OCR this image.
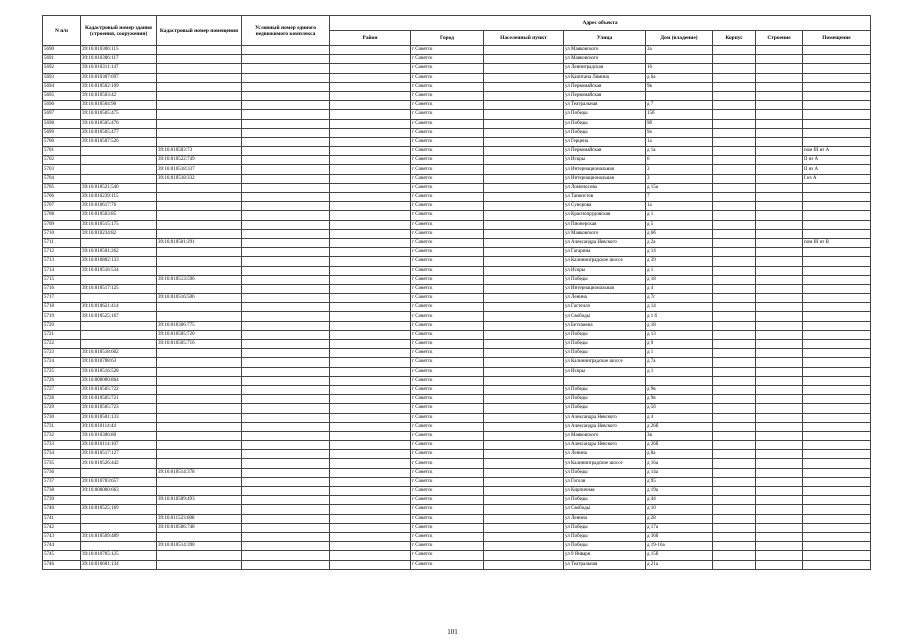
N п/п	Кадастровый номер здания (строения, сооружения)	Кадастровый номер помещения	Условный номер единого недвижимого комплекса	Адрес объекта							
				Район	Город	Населенный пункт	Улица	Дом (владение)	Корпус	Строение	Помещение
5690	39:16:010306:115				г Советск		ул Маяковского	3а			
5691	39:16:010306:117				г Советск		ул Маяковского				
5692	39:16:010311:147				г Советск		ул Ленинградская	16			
5693	39:16:010307:697				г Советск		ул Капитана Лямина	д 6а			
5694	39:16:010502:109				г Советск		ул Первомайская	9в			
5695	39:16:010503:42				г Советск		ул Первомайская				
5696	39:16:010504:90				г Советск		ул Театральная	д 7			
5697	39:16:010505:475				г Советск		ул Победы	15б			
5698	39:16:010505:476				г Советск		ул Победы	9б			
5699	39:16:010505:477				г Советск		ул Победы	9а			
5700	39:16:010507:526				г Советск		ул Герцена	1а			
5701		39:16:010503:73			г Советск		ул Первомайская	д 1а			пом III из А
5702		39:16:010522:749			г Советск		ул Искры	6			II из А
5703		39:16:010518:337			г Советск		ул Интернациональная	3			II из А
5704		39:16:010518:332			г Советск		ул Интернациональная	3			I из А
5705	39:16:010521:540				г Советск		ул Ломоносова	д 15а			
5706	39:16:010239:115				г Советск		ул Танкистов	7			
5707	39:16:010617:76				г Советск		ул Суворова	1а			
5708	39:16:010503:85				г Советск		ул Краснопрудовская	д 1			
5709	39:16:010515:175				г Советск		ул Пионерская	д 5			
5710	39:16:010234:82				г Советск		ул Маяковского	д 6б			
5711		39:16:010501:291			г Советск		ул Александра Невского	д 2а			пом III из В
5712	39:16:010501:262				г Советск		ул Гагарина	д 14			
5713	39:16:010802:133				г Советск		ул Калининградское шоссе	д 39			
5714	39:16:010516:534				г Советск		ул Искры	д 1			
5715		39:16:010513:596			г Советск		ул Победы	д 18			
5716	39:16:010517:125				г Советск		ул Интернациональная	д 4			
5717		39:16:010516:506			г Советск		ул Ленина	д 7г			
5718	39:16:010621:414				г Советск		ул Гастелло	д 14			
5719	39:16:010525:167				г Советск		ул Свободы	д 1 б			
5720		39:16:010306:775			г Советск		ул Бетховена	д 18			
5721		39:16:010505:720			г Советск		ул Победы	д 13			
5722		39:16:010505:716			г Советск		ул Победы	д 9			
5723	39:16:010518:602				г Советск		ул Победы	д 1			
5724	39:16:010708:63				г Советск		ул Калининградское шоссе	д 7а			
5725	39:16:010516:528				г Советск		ул Искры	д 1			
5726	39:16:000000:864				г Советск						
5727	39:16:010505:722				г Советск		ул Победы	д 9в			
5728	39:16:010505:721				г Советск		ул Победы	д 9в			
5729	39:16:010505:723				г Советск		ул Победы	д 5б			
5730	39:16:010501:133				г Советск		ул Александра Невского	д 4			
5731	39:16:010114:44				г Советск		ул Александра Невского	д 26б			
5732	39:16:010306:80				г Советск		ул Маяковского	3в			
5733	39:16:010114:107				г Советск		ул Александра Невского	д 26б			
5734	39:16:010517:127				г Советск		ул Ленина	д 8а			
5735	39:16:010526:442				г Советск		ул Калининградское шоссе	д 16а			
5736		39:16:010514:378			г Советск		ул Победы	д 14а			
5737	39:16:010703:657				г Советск		ул Гоголя	д 95			
5738	39:16:000000:663				г Советск		ул Кирпичная	д 19а			
5739		39:16:010509:493			г Советск		ул Победы	д 44			
5740	39:16:010525:169				г Советск		ул Свободы	д 10			
5741		39:16:011523:608			г Советск		ул Ленина	д 28			
5742		39:16:010506:748			г Советск		ул Победы	д 17а			
5743	39:16:010509:489				г Советск		ул Победы	д 36б			
5744		39:16:010514:390			г Советск		ул Победы	д 19-16а			
5745	39:16:010705:125				г Советск		ул 9 Января	д 15б			
5746	39:16:010601:134				г Советск		ул Театральная	д 21а			
101
